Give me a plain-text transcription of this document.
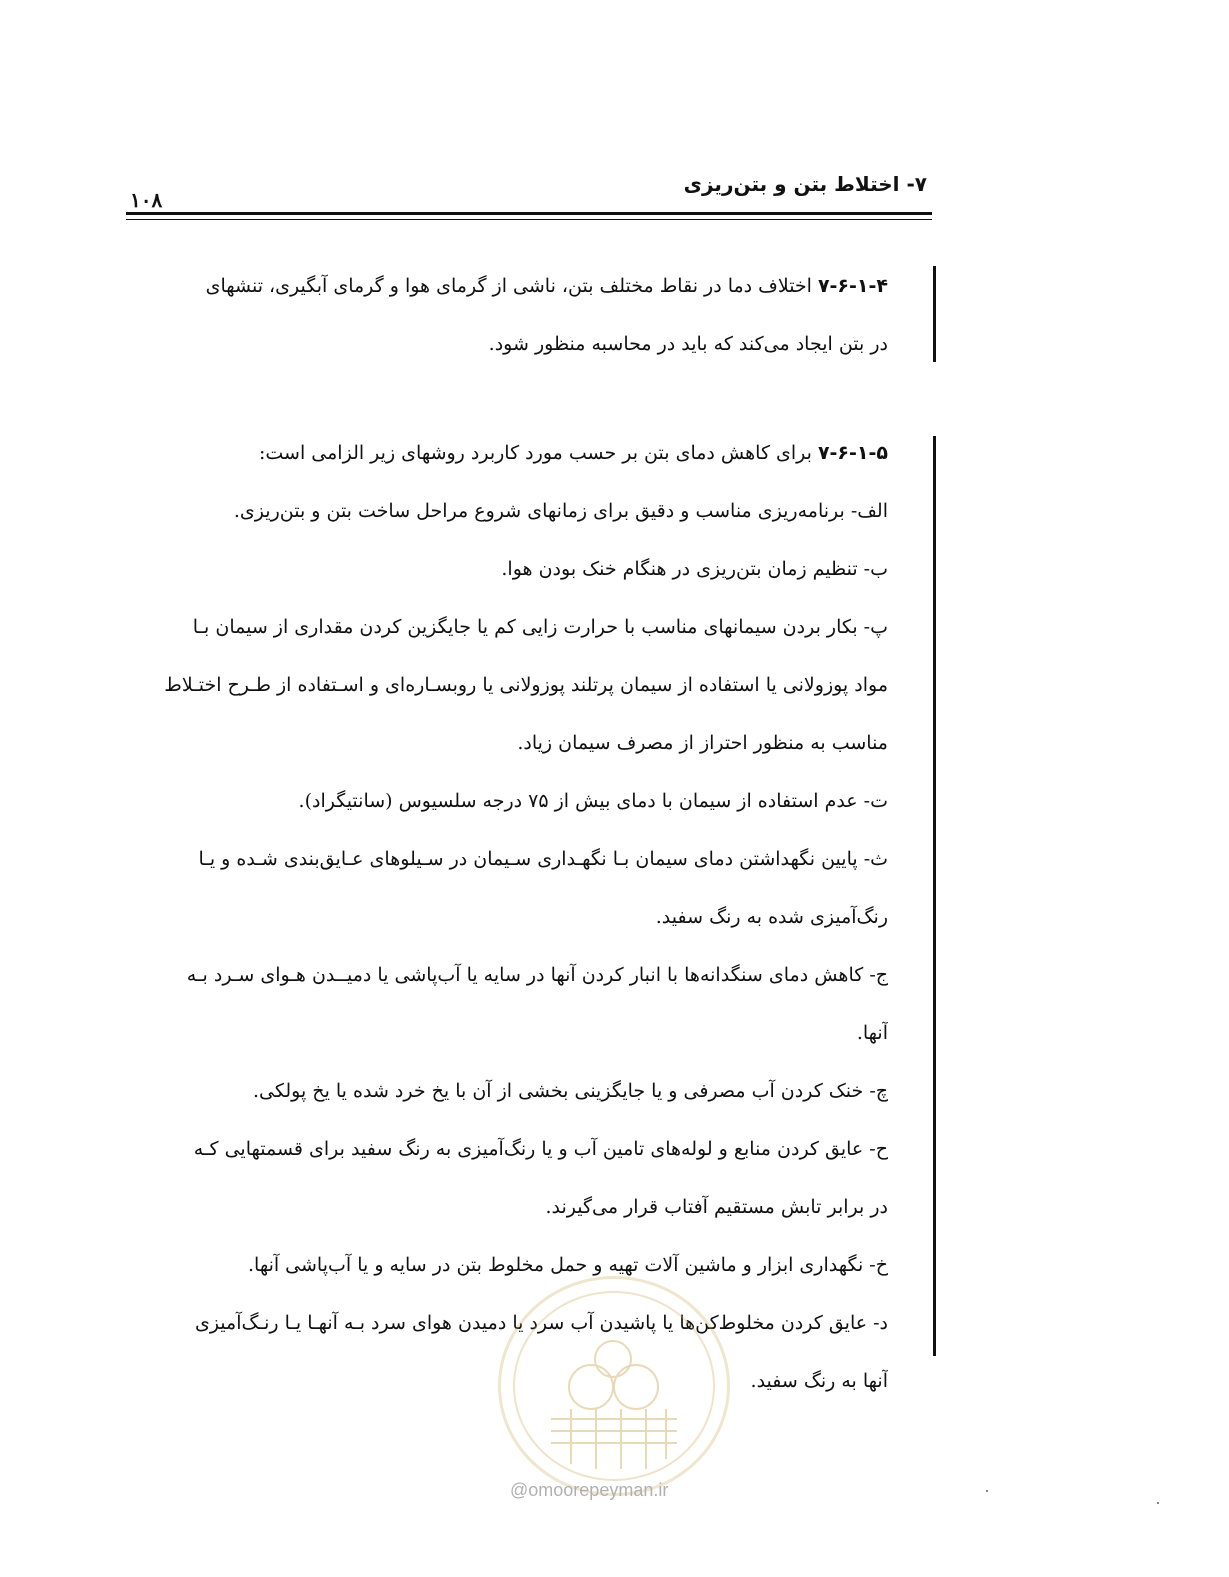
۷- اختلاط بتن و بتن‌ریزی
۱۰۸
۷-۶-۱-۴اختلاف دما در نقاط مختلف بتن، ناشی از گرمای هوا و گرمای آبگیری، تنشهای
در بتن ایجاد می‌کند که باید در محاسبه منظور شود.
۷-۶-۱-۵برای کاهش دمای بتن بر حسب مورد کاربرد روشهای زیر الزامی است:
الف- برنامه‌ریزی مناسب و دقیق برای زمانهای شروع مراحل ساخت بتن و بتن‌ریزی.
ب- تنظیم زمان بتن‌ریزی در هنگام خنک بودن هوا.
پ- بکار بردن سیمانهای مناسب با حرارت زایی کم یا جایگزین کردن مقداری از سیمان بـا
مواد پوزولانی یا استفاده از سیمان پرتلند پوزولانی یا روبسـاره‌ای و اسـتفاده از طـرح اختـلاط
مناسب به منظور احتراز از مصرف سیمان زیاد.
ت- عدم استفاده از سیمان با دمای بیش از ۷۵ درجه سلسیوس (سانتیگراد).
ث- پایین نگهداشتن دمای سیمان بـا نگهـداری سـیمان در سـیلوهای عـایق‌بندی شـده و یـا
رنگ‌آمیزی شده به رنگ سفید.
ج- کاهش دمای سنگدانه‌ها با انبار کردن آنها در سایه یا آب‌پاشی یا دمیــدن هـوای سـرد بـه
آنها.
چ- خنک کردن آب مصرفی و یا جایگزینی بخشی از آن با یخ خرد شده یا یخ پولکی.
ح- عایق کردن منابع و لوله‌های تامین آب و یا رنگ‌آمیزی به رنگ سفید برای قسمتهایی کـه
در برابر تابش مستقیم آفتاب قرار می‌گیرند.
خ- نگهداری ابزار و ماشین آلات تهیه و حمل مخلوط بتن در سایه و یا آب‌پاشی آنها.
د- عایق کردن مخلوط‌کن‌ها یا پاشیدن آب سرد یا دمیدن هوای سرد بـه آنهـا یـا رنـگ‌آمیزی
آنها به رنگ سفید.
@omoorepeyman.ir
